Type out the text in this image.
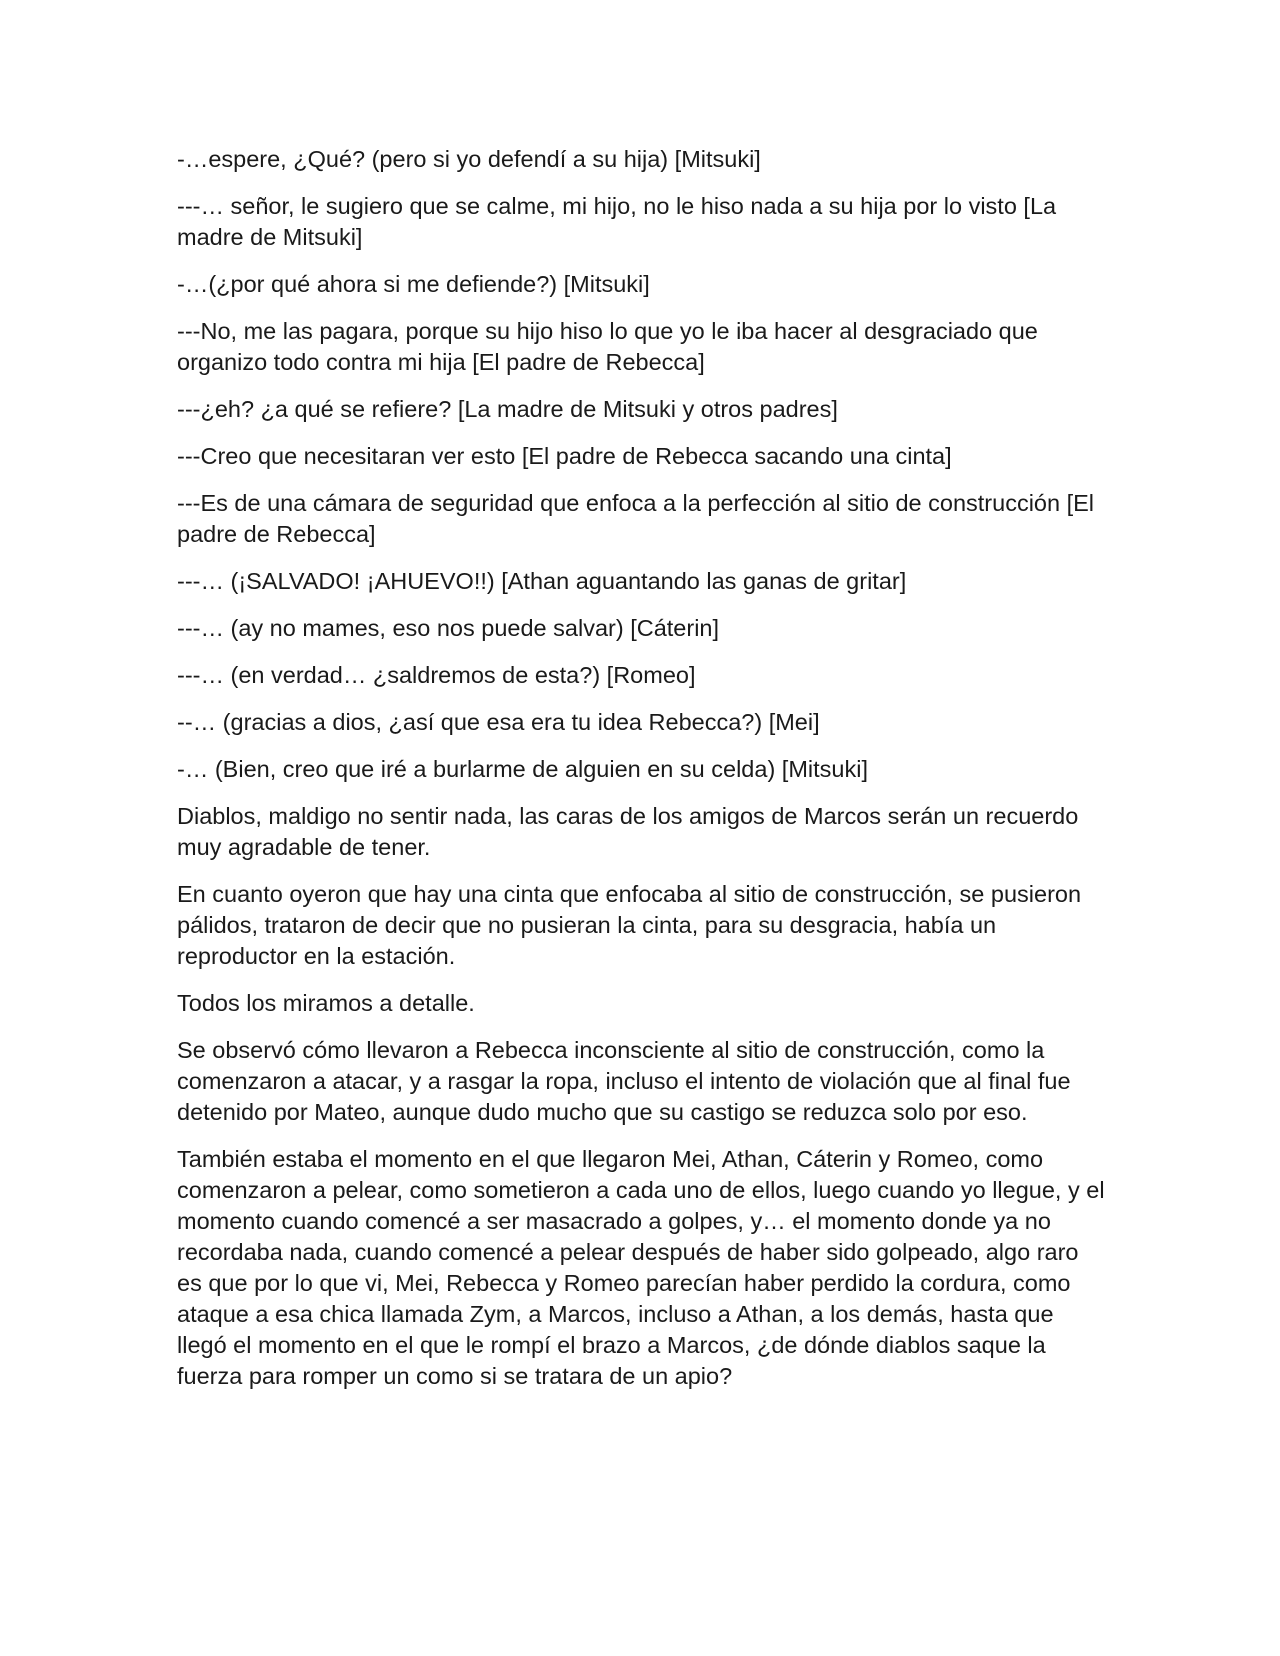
-…espere, ¿Qué? (pero si yo defendí a su hija) [Mitsuki]

---… señor, le sugiero que se calme, mi hijo, no le hiso nada a su hija por lo visto [La madre de Mitsuki]

-…(¿por qué ahora si me defiende?) [Mitsuki]

---No, me las pagara, porque su hijo hiso lo que yo le iba hacer al desgraciado que organizo todo contra mi hija [El padre de Rebecca]

---¿eh? ¿a qué se refiere? [La madre de Mitsuki y otros padres]

---Creo que necesitaran ver esto [El padre de Rebecca sacando una cinta]

---Es de una cámara de seguridad que enfoca a la perfección al sitio de construcción [El padre de Rebecca]

---… (¡SALVADO! ¡AHUEVO!!) [Athan aguantando las ganas de gritar]

---… (ay no mames, eso nos puede salvar) [Cáterin]

---… (en verdad… ¿saldremos de esta?) [Romeo]

--… (gracias a dios, ¿así que esa era tu idea Rebecca?) [Mei]

-… (Bien, creo que iré a burlarme de alguien en su celda) [Mitsuki]

Diablos, maldigo no sentir nada, las caras de los amigos de Marcos serán un recuerdo muy agradable de tener.

En cuanto oyeron que hay una cinta que enfocaba al sitio de construcción, se pusieron pálidos, trataron de decir que no pusieran la cinta, para su desgracia, había un reproductor en la estación.

Todos los miramos a detalle.

Se observó cómo llevaron a Rebecca inconsciente al sitio de construcción, como la comenzaron a atacar, y a rasgar la ropa, incluso el intento de violación que al final fue detenido por Mateo, aunque dudo mucho que su castigo se reduzca solo por eso.

También estaba el momento en el que llegaron Mei, Athan, Cáterin y Romeo, como comenzaron a pelear, como sometieron a cada uno de ellos, luego cuando yo llegue, y el momento cuando comencé a ser masacrado a golpes, y… el momento donde ya no recordaba nada, cuando comencé a pelear después de haber sido golpeado, algo raro es que por lo que vi, Mei, Rebecca y Romeo parecían haber perdido la cordura, como ataque a esa chica llamada Zym, a Marcos, incluso a Athan, a los demás, hasta que llegó el momento en el que le rompí el brazo a Marcos, ¿de dónde diablos saque la fuerza para romper un como si se tratara de un apio?
